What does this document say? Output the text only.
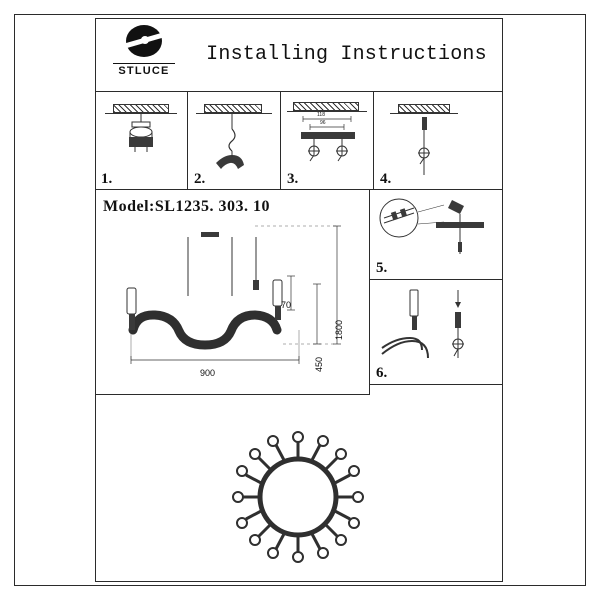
STLUCE
Installing Instructions
1.	2.
118
96
3.	4.
Model:SL1235. 303. 10
70
450
1800
900
5.
6.
